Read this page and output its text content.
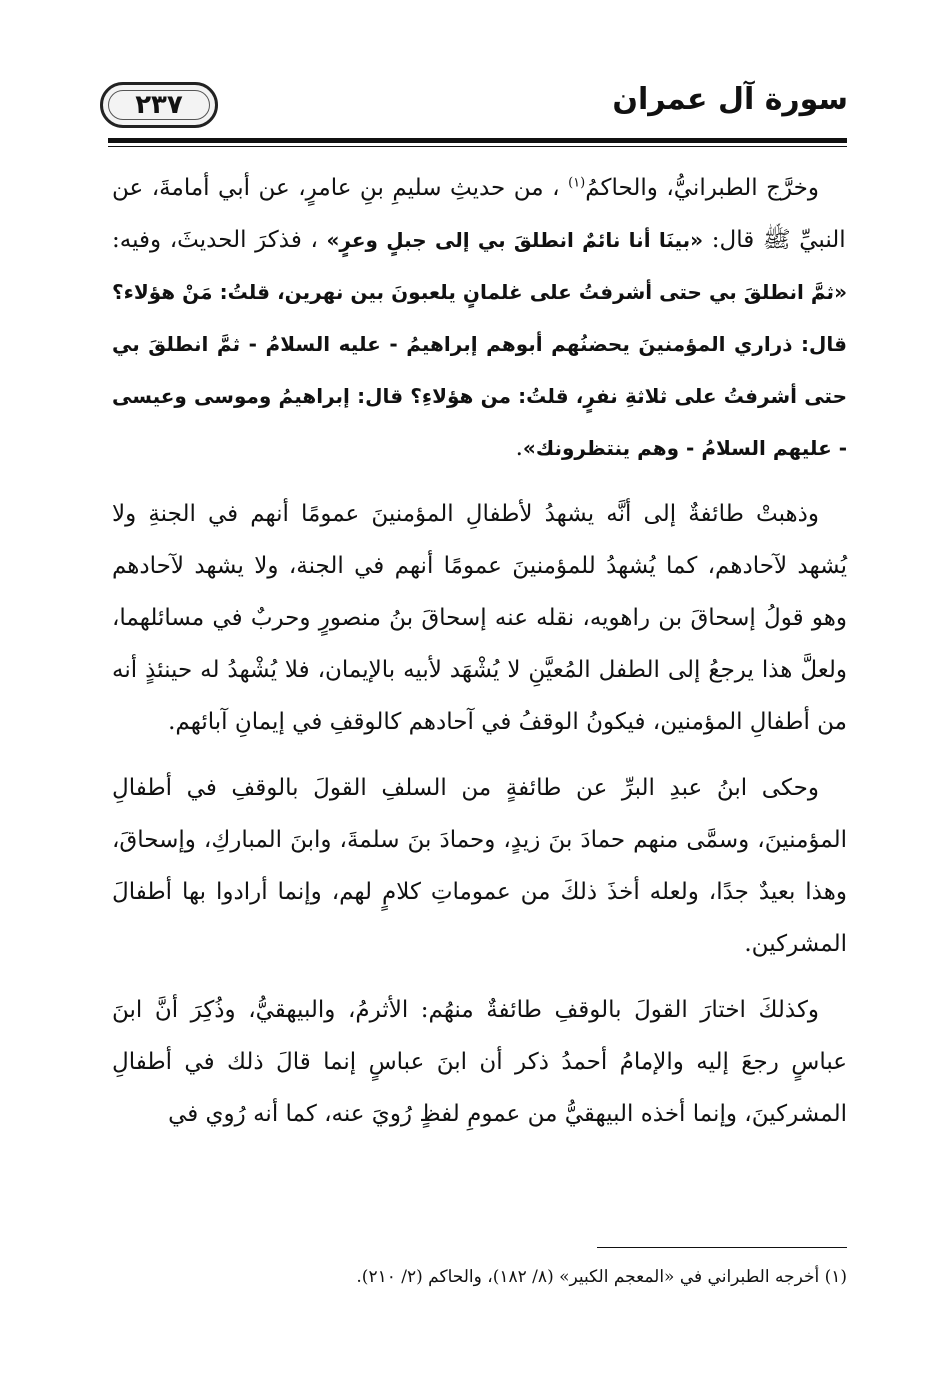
٢٣٧	سورة آل عمران

وخرَّج الطبرانيُّ، والحاكمُ$^{(١)}$ ، من حديثِ سليمِ بنِ عامرٍ، عن أبي أمامةَ، عن النبيِّ ﷺ قال: «بينَا أنا نائمٌ انطلقَ بي إلى جبلٍ وعرٍ» ، فذكرَ الحديثَ، وفيه: «ثمَّ انطلقَ بي حتى أشرفتُ على غلمانٍ يلعبونَ بين نهرين، قلتُ: مَنْ هؤلاء؟ قال: ذراري المؤمنينَ يحضنُهم أبوهم إبراهيمُ - عليه السلامُ - ثمَّ انطلقَ بي حتى أشرفتُ على ثلاثةِ نفرٍ، قلتُ: من هؤلاءِ؟ قال: إبراهيمُ وموسى وعيسى - عليهم السلامُ - وهم ينتظرونك».

وذهبتْ طائفةٌ إلى أنَّه يشهدُ لأطفالِ المؤمنينَ عمومًا أنهم في الجنةِ ولا يُشهد لآحادهم، كما يُشهدُ للمؤمنينَ عمومًا أنهم في الجنة، ولا يشهد لآحادهم وهو قولُ إسحاقَ بن راهويه، نقله عنه إسحاقَ بنُ منصورٍ وحربٌ في مسائلهما، ولعلَّ هذا يرجعُ إلى الطفل المُعيَّنِ لا يُشْهَد لأبيه بالإيمان، فلا يُشْهدُ له حينئذٍ أنه من أطفالِ المؤمنين، فيكونُ الوقفُ في آحادهم كالوقفِ في إيمانِ آبائهم.

وحكى ابنُ عبدِ البرِّ عن طائفةٍ من السلفِ القولَ بالوقفِ في أطفالِ المؤمنينَ، وسمَّى منهم حمادَ بنَ زيدٍ، وحمادَ بنَ سلمةَ، وابنَ المباركِ، وإسحاقَ، وهذا بعيدٌ جدًا، ولعله أخذَ ذلكَ من عموماتِ كلامٍ لهم، وإنما أرادوا بها أطفالَ المشركين.

وكذلكَ اختارَ القولَ بالوقفِ طائفةٌ منهُم: الأثرمُ، والبيهقيُّ، وذُكِرَ أنَّ ابنَ عباسٍ رجعَ إليه والإمامُ أحمدُ ذكر أن ابنَ عباسٍ إنما قالَ ذلك في أطفالِ المشركينَ، وإنما أخذه البيهقيُّ من عمومِ لفظٍ رُويَ عنه، كما أنه رُوي في

(١) أخرجه الطبراني في «المعجم الكبير» (٨/ ١٨٢)، والحاكم (٢/ ٢١٠).
